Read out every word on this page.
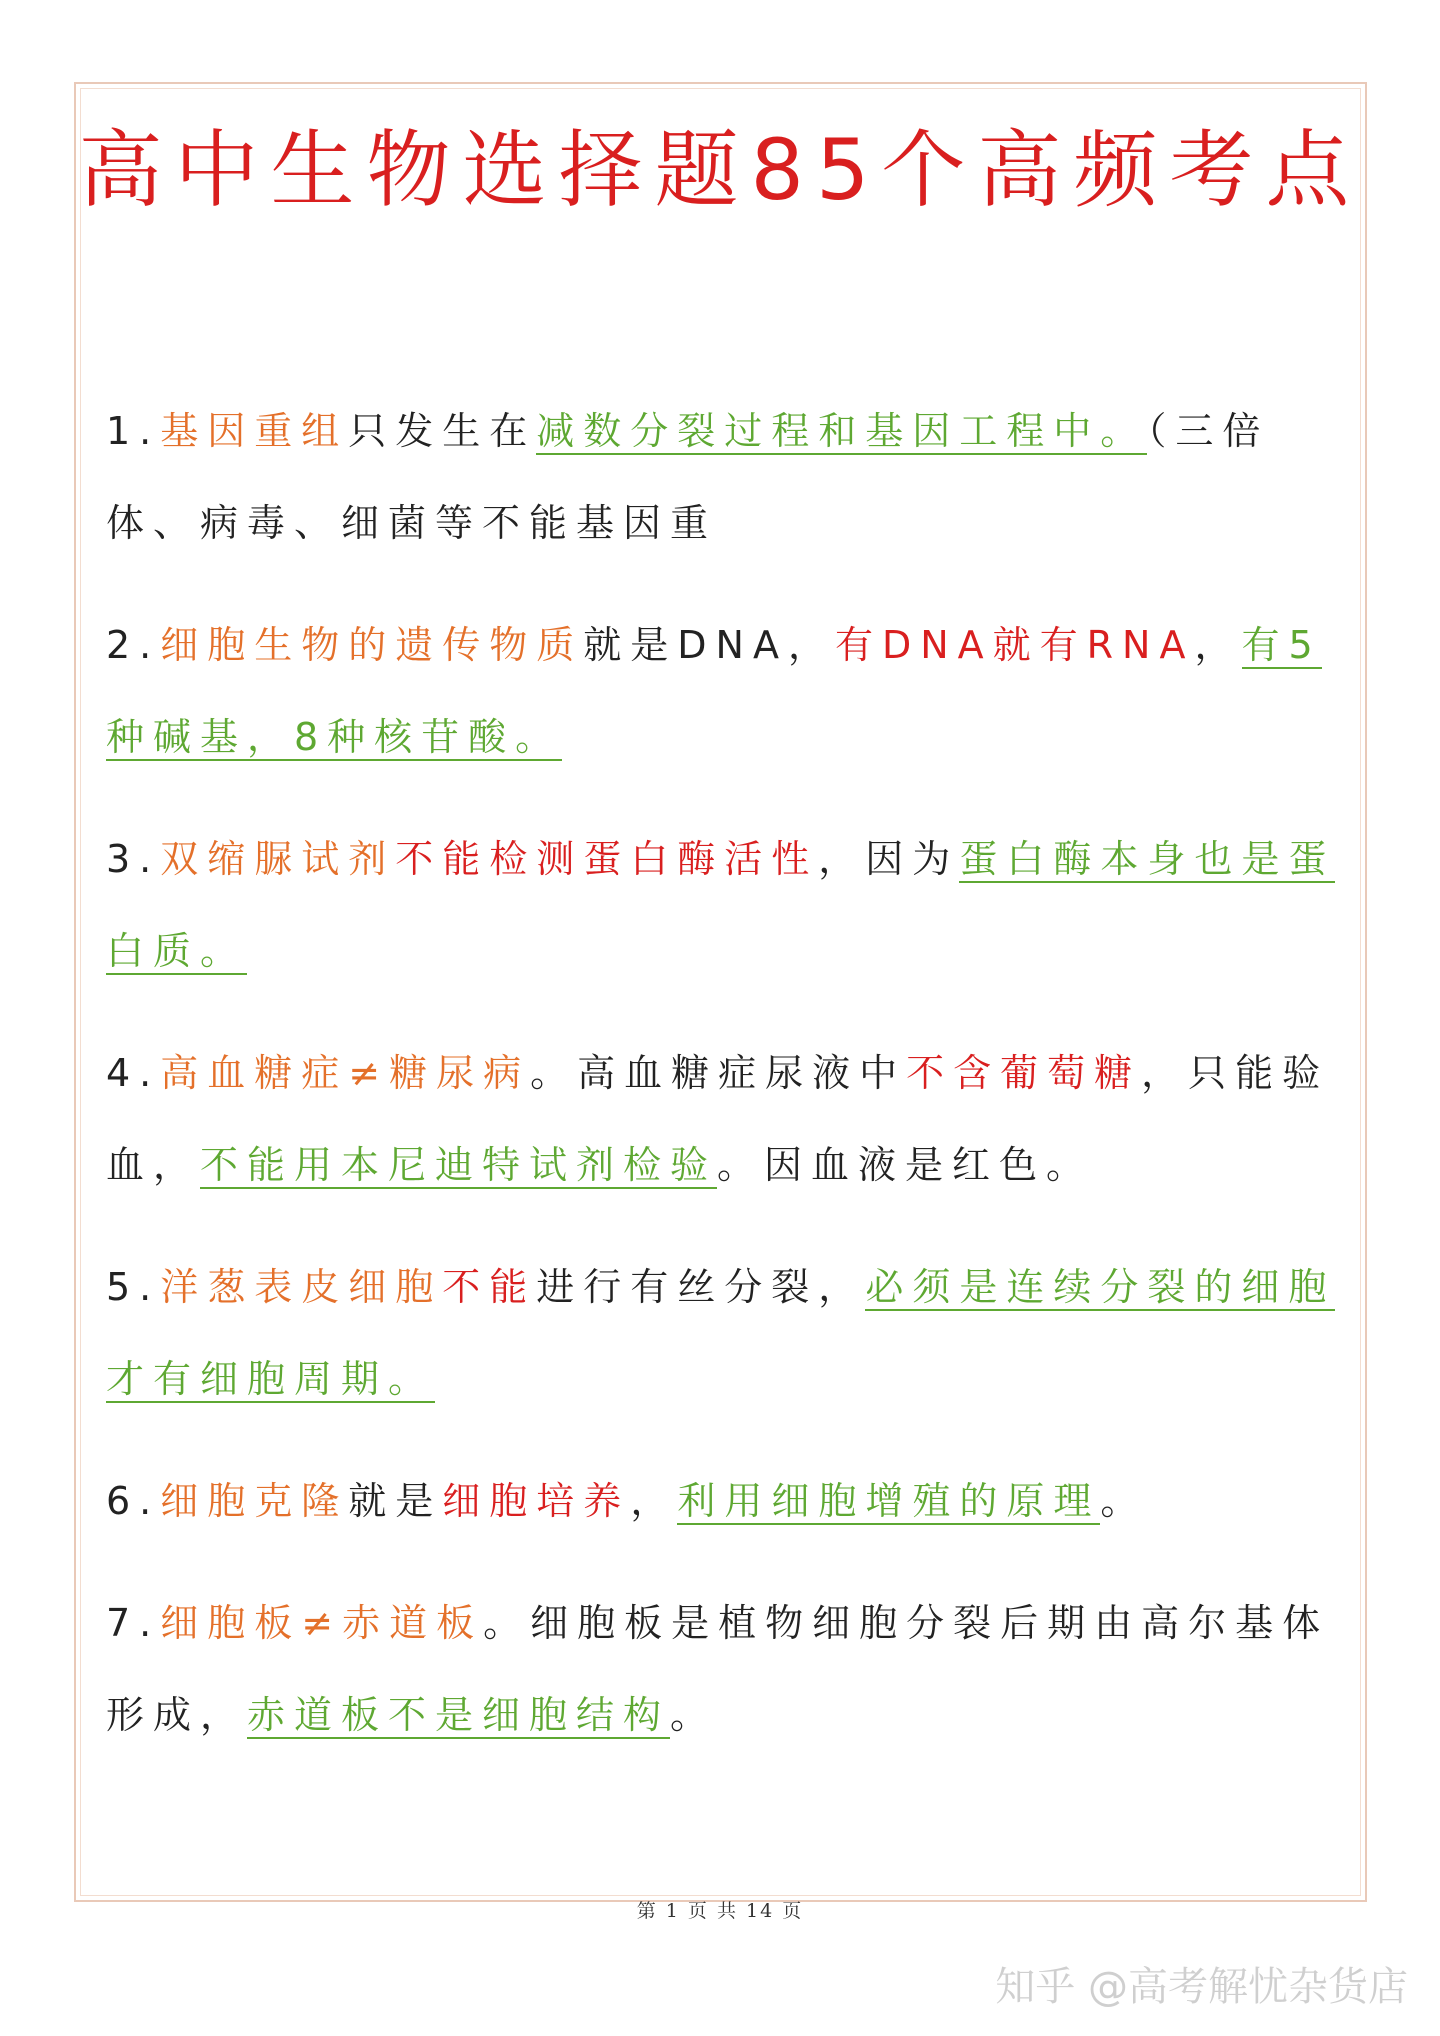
高中生物选择题85个高频考点
1.基因重组只发生在减数分裂过程和基因工程中。（三倍体、病毒、细菌等不能基因重
2.细胞生物的遗传物质就是DNA，有DNA就有RNA，有5种碱基，8种核苷酸。
3.双缩脲试剂不能检测蛋白酶活性，因为蛋白酶本身也是蛋白质。
4.高血糖症≠糖尿病。高血糖症尿液中不含葡萄糖，只能验血，不能用本尼迪特试剂检验。因血液是红色。
5.洋葱表皮细胞不能进行有丝分裂，必须是连续分裂的细胞才有细胞周期。
6.细胞克隆就是细胞培养，利用细胞增殖的原理。
7.细胞板≠赤道板。细胞板是植物细胞分裂后期由高尔基体形成，赤道板不是细胞结构。
第 1 页 共 14 页
知乎 @高考解忧杂货店
